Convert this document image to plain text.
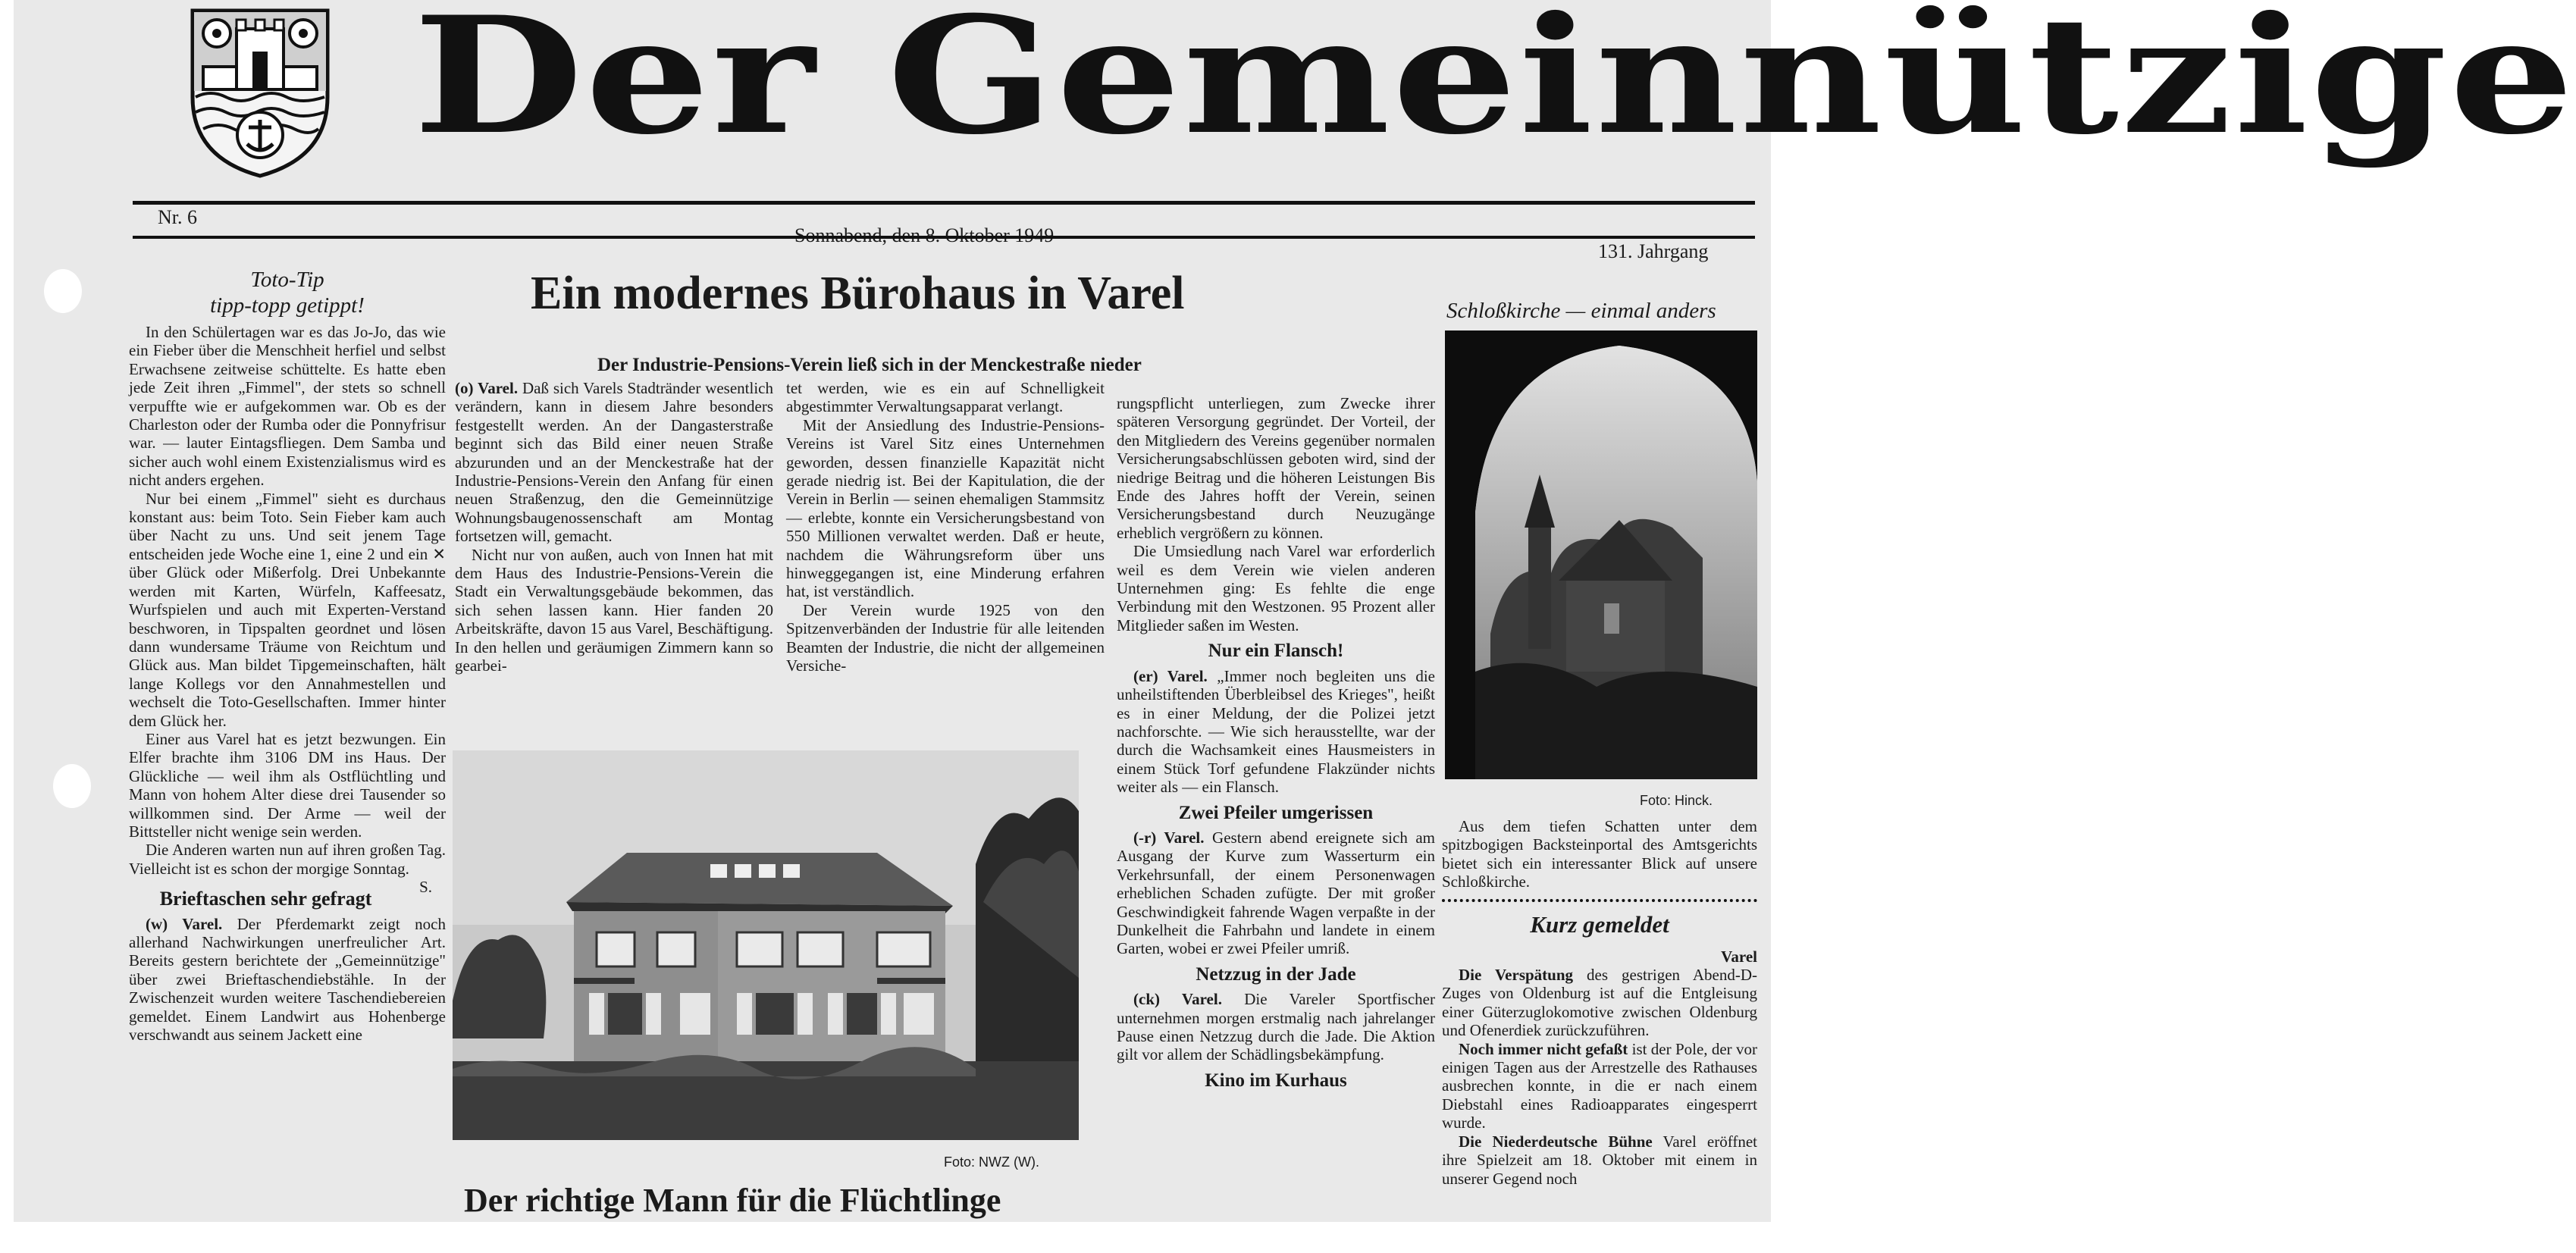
Der Gemeinnützige
Nr. 6
131. Jahrgang
Toto-Tip
tipp-topp getippt!

In den Schülertagen war es das Jo-Jo, das wie ein Fieber über die Menschheit herfiel und selbst Erwachsene zeitweise schüttelte. Es hatte eben jede Zeit ihren „Fimmel", der stets so schnell verpuffte wie er aufgekommen war. Ob es der Charleston oder der Rumba oder die Ponnyfrisur war. — lauter Eintagsfliegen. Dem Samba und sicher auch wohl einem Existenzialismus wird es nicht anders ergehen.

Nur bei einem „Fimmel" sieht es durchaus konstant aus: beim Toto. Sein Fieber kam auch über Nacht zu uns. Und seit jenem Tage entscheiden jede Woche eine 1, eine 2 und ein ✕ über Glück oder Mißerfolg. Drei Unbekannte werden mit Karten, Würfeln, Kaffeesatz, Wurfspielen und auch mit Experten-Verstand beschworen, in Tipspalten geordnet und lösen dann wundersame Träume von Reichtum und Glück aus. Man bildet Tipgemeinschaften, hält lange Kollegs vor den Annahmestellen und wechselt die Toto-Gesellschaften. Immer hinter dem Glück her.

Einer aus Varel hat es jetzt bezwungen. Ein Elfer brachte ihm 3106 DM ins Haus. Der Glückliche — weil ihm als Ostflüchtling und Mann von hohem Alter diese drei Tausender so willkommen sind. Der Arme — weil der Bittsteller nicht wenige sein werden.

Die Anderen warten nun auf ihren großen Tag. Vielleicht ist es schon der morgige Sonntag.
S.

Brieftaschen sehr gefragt

(w) Varel. Der Pferdemarkt zeigt noch allerhand Nachwirkungen unerfreulicher Art. Bereits gestern berichtete der „Gemeinnützige" über zwei Brieftaschendiebstähle. In der Zwischenzeit wurden weitere Taschendiebereien gemeldet. Einem Landwirt aus Hohenberge verschwandt aus seinem Jackett eine

Ein modernes Bürohaus in Varel
Der Industrie-Pensions-Verein ließ sich in der Menckestraße nieder

(o) Varel. Daß sich Varels Stadtränder wesentlich verändern, kann in diesem Jahre besonders festgestellt werden. An der Dangasterstraße beginnt sich das Bild einer neuen Straße abzurunden und an der Menckestraße hat der Industrie-Pensions-Verein den Anfang für einen neuen Straßenzug, den die Gemeinnützige Wohnungsbaugenossenschaft am Montag fortsetzen will, gemacht.

Nicht nur von außen, auch von Innen hat mit dem Haus des Industrie-Pensions-Verein die Stadt ein Verwaltungsgebäude bekommen, das sich sehen lassen kann. Hier fanden 20 Arbeitskräfte, davon 15 aus Varel, Beschäftigung. In den hellen und geräumigen Zimmern kann so gearbei-

tet werden, wie es ein auf Schnelligkeit abgestimmter Verwaltungsapparat verlangt.

Mit der Ansiedlung des Industrie-Pensions-Vereins ist Varel Sitz eines Unternehmen geworden, dessen finanzielle Kapazität nicht gerade niedrig ist. Bei der Kapitulation, die der Verein in Berlin — seinen ehemaligen Stammsitz — erlebte, konnte ein Versicherungsbestand von 550 Millionen verwaltet werden. Daß er heute, nachdem die Währungsreform über uns hinweggegangen ist, eine Minderung erfahren hat, ist verständlich.

Der Verein wurde 1925 von den Spitzenverbänden der Industrie für alle leitenden Beamten der Industrie, die nicht der allgemeinen Versiche-

Foto: NWZ (W).
Der richtige Mann für die Flüchtlinge

rungspflicht unterliegen, zum Zwecke ihrer späteren Versorgung gegründet. Der Vorteil, der den Mitgliedern des Vereins gegenüber normalen Versicherungsabschlüssen geboten wird, sind der niedrige Beitrag und die höheren Leistungen Bis Ende des Jahres hofft der Verein, seinen Versicherungsbestand durch Neuzugänge erheblich vergrößern zu können.

Die Umsiedlung nach Varel war erforderlich weil es dem Verein wie vielen anderen Unternehmen ging: Es fehlte die enge Verbindung mit den Westzonen. 95 Prozent aller Mitglieder saßen im Westen.

Nur ein Flansch!

(er) Varel. „Immer noch begleiten uns die unheilstiftenden Überbleibsel des Krieges", heißt es in einer Meldung, der die Polizei jetzt nachforschte. — Wie sich herausstellte, war der durch die Wachsamkeit eines Hausmeisters in einem Stück Torf gefundene Flakzünder nichts weiter als — ein Flansch.

Zwei Pfeiler umgerissen

(-r) Varel. Gestern abend ereignete sich am Ausgang der Kurve zum Wasserturm ein Verkehrsunfall, der einem Personenwagen erheblichen Schaden zufügte. Der mit großer Geschwindigkeit fahrende Wagen verpaßte in der Dunkelheit die Fahrbahn und landete in einem Garten, wobei er zwei Pfeiler umriß.

Netzzug in der Jade

(ck) Varel. Die Vareler Sportfischer unternehmen morgen erstmalig nach jahrelanger Pause einen Netzzug durch die Jade. Die Aktion gilt vor allem der Schädlingsbekämpfung.

Kino im Kurhaus
Schloßkirche — einmal anders
Foto: Hinck.

Aus dem tiefen Schatten unter dem spitzbogigen Backsteinportal des Amtsgerichts bietet sich ein interessanter Blick auf unsere Schloßkirche.

Kurz gemeldet
Varel

Die Verspätung des gestrigen Abend-D-Zuges von Oldenburg ist auf die Entgleisung einer Güterzuglokomotive zwischen Oldenburg und Ofenerdiek zurückzuführen.

Noch immer nicht gefaßt ist der Pole, der vor einigen Tagen aus der Arrestzelle des Rathauses ausbrechen konnte, in die er nach einem Diebstahl eines Radioapparates eingesperrt wurde.

Die Niederdeutsche Bühne Varel eröffnet ihre Spielzeit am 18. Oktober mit einem in unserer Gegend noch
